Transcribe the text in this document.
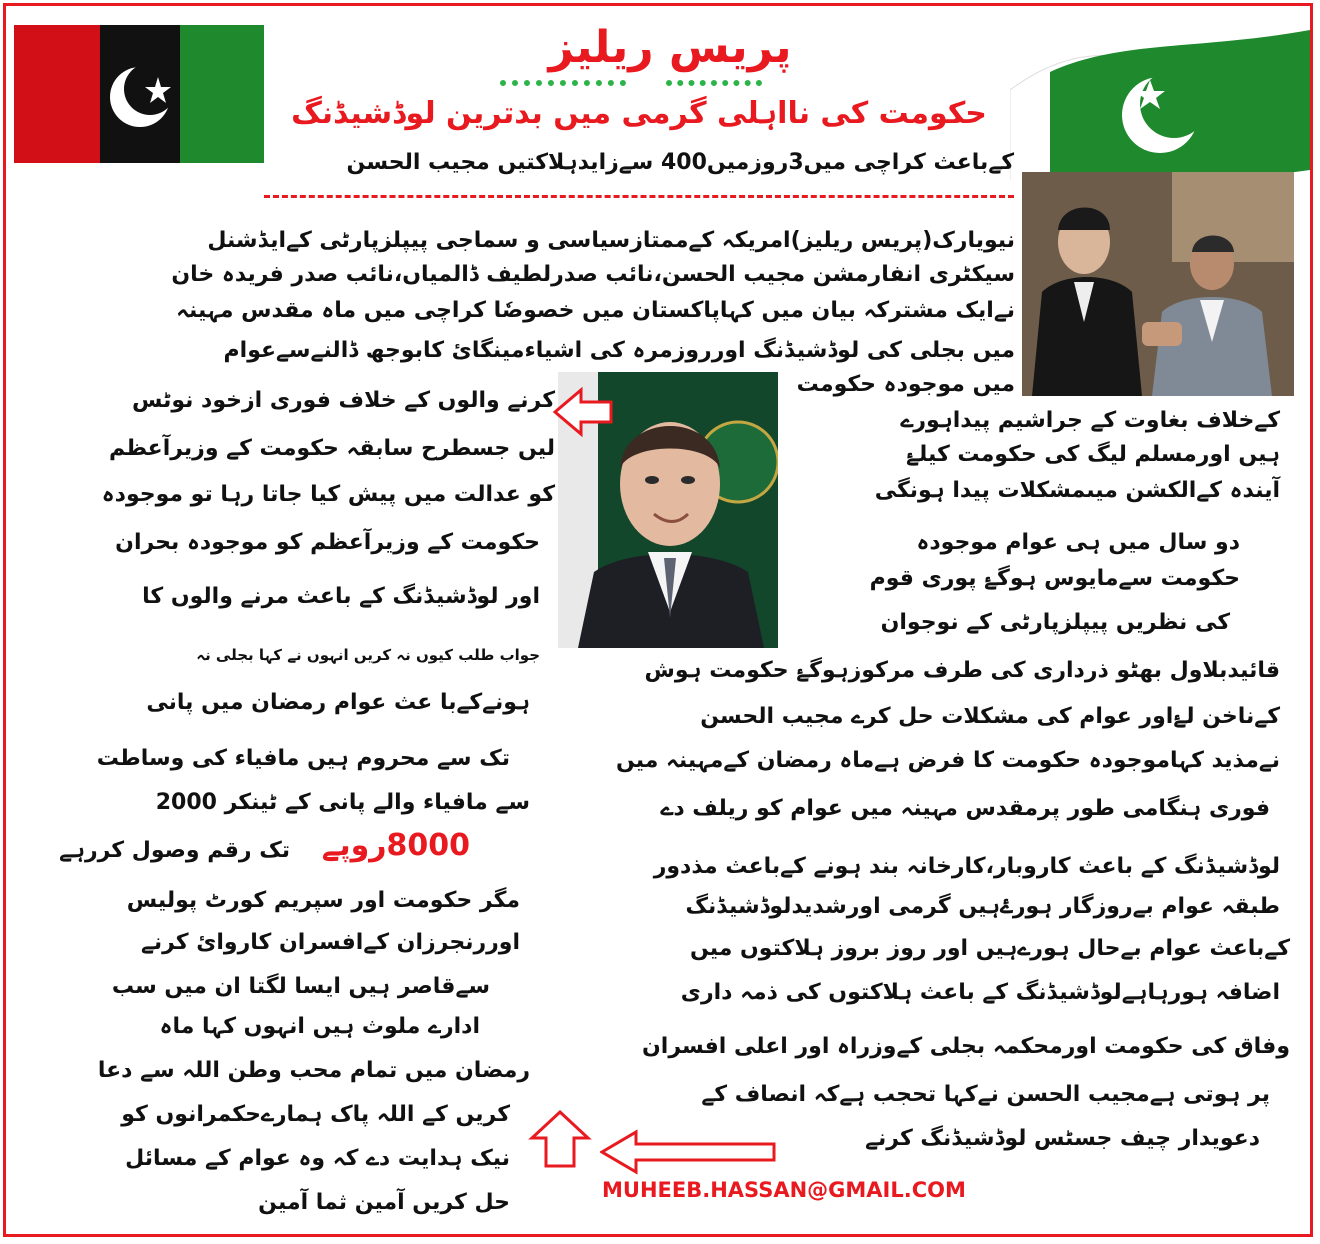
پریس ریلیز
حکومت کی نااہلی گرمی میں بدترین لوڈشیڈنگ
کےباعث کراچی میں3روزمیں400 سےزایدہلاکتیں مجیب الحسن
نیویارک(پریس ریلیز)امریکہ کےممتازسیاسی و سماجی پیپلزپارٹی کےایڈشنل
سیکٹری انفارمشن مجیب الحسن،نائب صدرلطیف ڈالمیاں،نائب صدر فریدہ خان
نےایک مشترکہ بیان میں کہاپاکستان میں خصوصٗا کراچی میں ماہ مقدس مہینہ
میں بجلی کی لوڈشیڈنگ اورروزمرہ کی اشیاءمینگائ کابوجھ ڈالنےسےعوام
میں موجودہ حکومت
کےخلاف بغاوت کے جراشیم پیداہورے
ہیں اورمسلم لیگ کی حکومت کیلۓ
آیندہ کےالکشن میںمشکلات پیدا ہونگی
دو سال میں ہی عوام موجودہ
حکومت سےمایوس ہوگۓ پوری قوم
کی نظریں پیپلزپارٹی کے نوجوان
قائیدبلاول بھٹو ذرداری کی طرف مرکوزہوگۓ حکومت ہوش
کےناخن لۓاور عوام کی مشکلات حل کرے مجیب الحسن
نےمذید کہاموجودہ حکومت کا فرض ہےماہ رمضان کےمہینہ میں
فوری ہنگامی طور پرمقدس مہینہ میں عوام کو ریلف دے
لوڈشیڈنگ کے باعث کاروبار،کارخانہ بند ہونے کےباعث مذدور
طبقہ عوام بےروزگار ہورۓہیں گرمی اورشدیدلوڈشیڈنگ
کےباعث عوام بےحال ہورےہیں اور روز بروز ہلاکتوں میں
اضافہ ہورہاہےلوڈشیڈنگ کے باعث ہلاکتوں کی ذمہ داری
وفاق کی حکومت اورمحکمہ بجلی کےوزراہ اور اعلی افسران
پر ہوتی ہےمجیب الحسن نےکہا تحجب ہےکہ انصاف کے
دعویدار چیف جسٹس لوڈشیڈنگ کرنے
کرنے والوں کے خلاف فوری ازخود نوٹس
لیں جسطرح سابقہ حکومت کے وزیرآعظم
کو عدالت میں پیش کیا جاتا رہا تو موجودہ
حکومت کے وزیرآعظم کو موجودہ بحران
اور لوڈشیڈنگ کے باعث مرنے والوں کا
جواب طلب کیوں نہ کریں انہوں نے کہا بجلی نہ
ہونےکےبا عث عوام رمضان میں پانی
تک سے محروم ہیں مافیاء کی وساطت
سے مافیاء والے پانی کے ٹینکر 2000
8000روپے
تک رقم وصول کررہے
مگر حکومت اور سپریم کورٹ پولیس
اوررنجرزان کےافسران کاروائ کرنے
سےقاصر ہیں ایسا لگتا ان میں سب
ادارے ملوث ہیں انہوں کہا ماہ
رمضان میں تمام محب وطن اللہ سے دعا
کریں کے اللہ پاک ہمارےحکمرانوں کو
نیک ہدایت دے کہ وہ عوام کے مسائل
حل کریں آمین ثما آمین	MUHEEB.HASSAN@GMAIL.COM
